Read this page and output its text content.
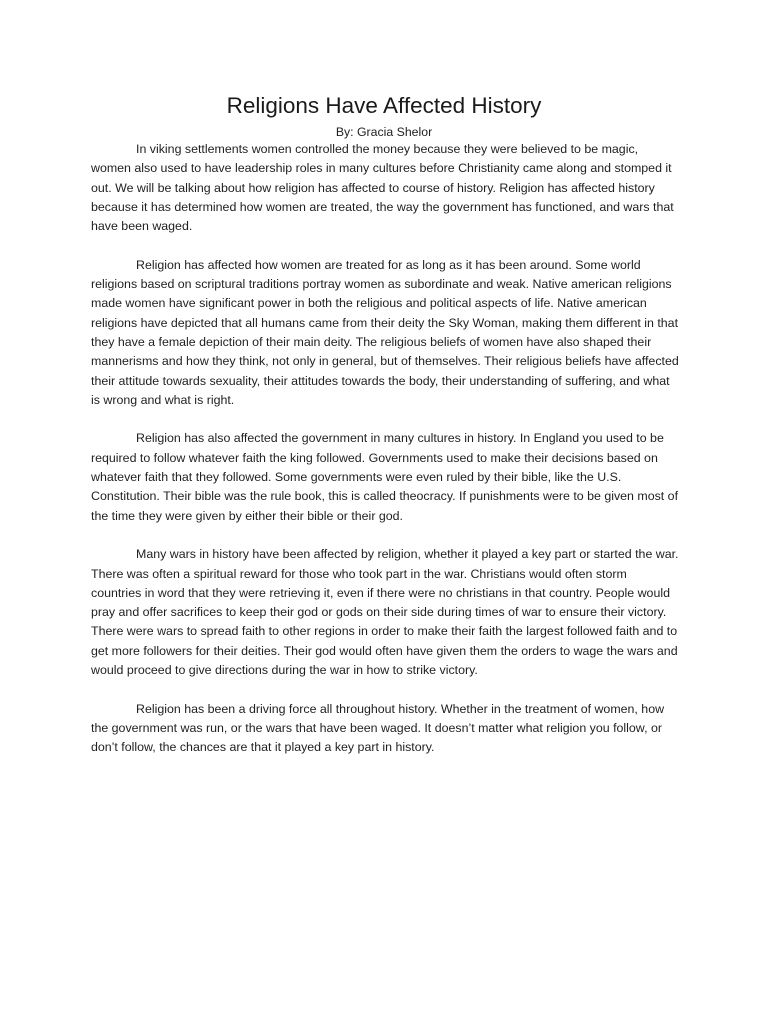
Religions Have Affected History

By: Gracia Shelor

In viking settlements women controlled the money because they were believed to be magic, women also used to have leadership roles in many cultures before Christianity came along and stomped it out. We will be talking about how religion has affected to course of history. Religion has affected history because it has determined how women are treated, the way the government has functioned, and wars that have been waged.

Religion has affected how women are treated for as long as it has been around. Some world religions based on scriptural traditions portray women as subordinate and weak. Native american religions made women have significant power in both the religious and political aspects of life. Native american religions have depicted that all humans came from their deity the Sky Woman, making them different in that they have a female depiction of their main deity. The religious beliefs of women have also shaped their mannerisms and how they think, not only in general, but of themselves. Their religious beliefs have affected their attitude towards sexuality, their attitudes towards the body, their understanding of suffering, and what is wrong and what is right.

Religion has also affected the government in many cultures in history. In England you used to be required to follow whatever faith the king followed. Governments used to make their decisions based on whatever faith that they followed. Some governments were even ruled by their bible, like the U.S. Constitution. Their bible was the rule book, this is called theocracy. If punishments were to be given most of the time they were given by either their bible or their god.

Many wars in history have been affected by religion, whether it played a key part or started the war. There was often a spiritual reward for those who took part in the war. Christians would often storm countries in word that they were retrieving it, even if there were no christians in that country. People would pray and offer sacrifices to keep their god or gods on their side during times of war to ensure their victory. There were wars to spread faith to other regions in order to make their faith the largest followed faith and to get more followers for their deities. Their god would often have given them the orders to wage the wars and would proceed to give directions during the war in how to strike victory.

Religion has been a driving force all throughout history. Whether in the treatment of women, how the government was run, or the wars that have been waged. It doesn’t matter what religion you follow, or don’t follow, the chances are that it played a key part in history.
